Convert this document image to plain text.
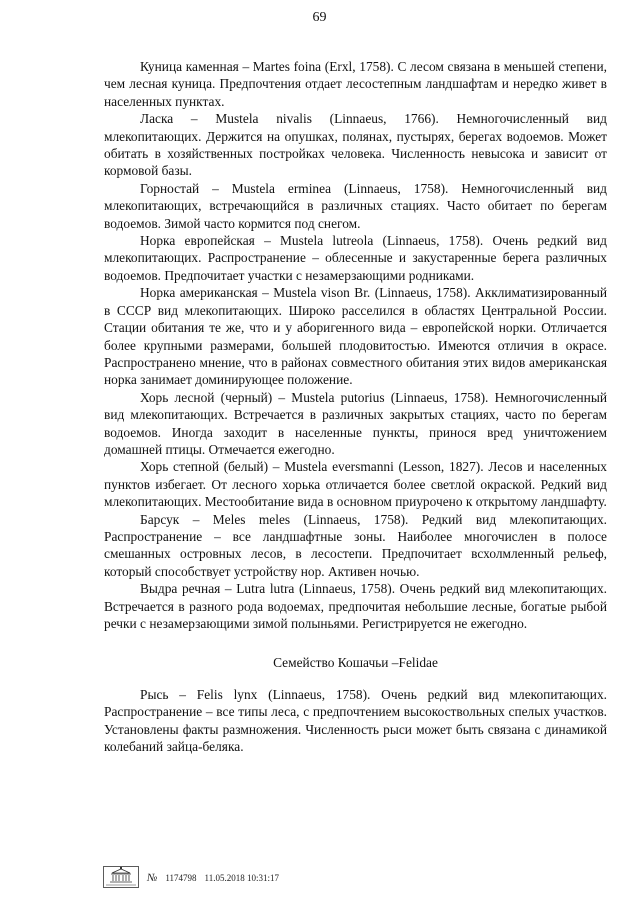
69

Куница каменная – Martes foina (Erxl, 1758). С лесом связана в меньшей степени, чем лесная куница. Предпочтения отдает лесостепным ландшафтам и нередко живет в населенных пунктах.

Ласка – Mustela nivalis (Linnaeus, 1766). Немногочисленный вид млекопитающих. Держится на опушках, полянах, пустырях, берегах водоемов. Может обитать в хозяйственных постройках человека. Численность невысока и зависит от кормовой базы.

Горностай – Mustela erminea (Linnaeus, 1758). Немногочисленный вид млекопитающих, встречающийся в различных стациях. Часто обитает по берегам водоемов. Зимой часто кормится под снегом.

Норка европейская – Mustela lutreola (Linnaeus, 1758). Очень редкий вид млекопитающих. Распространение – облесенные и закустаренные берега различных водоемов. Предпочитает участки с незамерзающими родниками.

Норка американская – Mustela vison Br. (Linnaeus, 1758). Акклиматизированный в СССР вид млекопитающих. Широко расселился в областях Центральной России. Стации обитания те же, что и у аборигенного вида – европейской норки. Отличается более крупными размерами, большей плодовитостью. Имеются отличия в окрасе. Распространено мнение, что в районах совместного обитания этих видов американская норка занимает доминирующее положение.

Хорь лесной (черный) – Mustela putorius (Linnaeus, 1758). Немногочисленный вид млекопитающих. Встречается в различных закрытых стациях, часто по берегам водоемов. Иногда заходит в населенные пункты, принося вред уничтожением домашней птицы. Отмечается ежегодно.

Хорь степной (белый) – Mustela eversmanni (Lesson, 1827). Лесов и населенных пунктов избегает. От лесного хорька отличается более светлой окраской. Редкий вид млекопитающих. Местообитание вида в основном приурочено к открытому ландшафту.

Барсук – Meles meles (Linnaeus, 1758). Редкий вид млекопитающих. Распространение – все ландшафтные зоны. Наиболее многочислен в полосе смешанных островных лесов, в лесостепи. Предпочитает всхолмленный рельеф, который способствует устройству нор. Активен ночью.

Выдра речная – Lutra lutra (Linnaeus, 1758). Очень редкий вид млекопитающих. Встречается в разного рода водоемах, предпочитая небольшие лесные, богатые рыбой речки с незамерзающими зимой полыньями. Регистрируется не ежегодно.

Семейство Кошачьи –Felidae

Рысь – Felis lynx (Linnaeus, 1758). Очень редкий вид млекопитающих. Распространение – все типы леса, с предпочтением высокоствольных спелых участков. Установлены факты размножения. Численность рыси может быть связана с динамикой колебаний зайца-беляка.

№ 1174798 11.05.2018 10:31:17
